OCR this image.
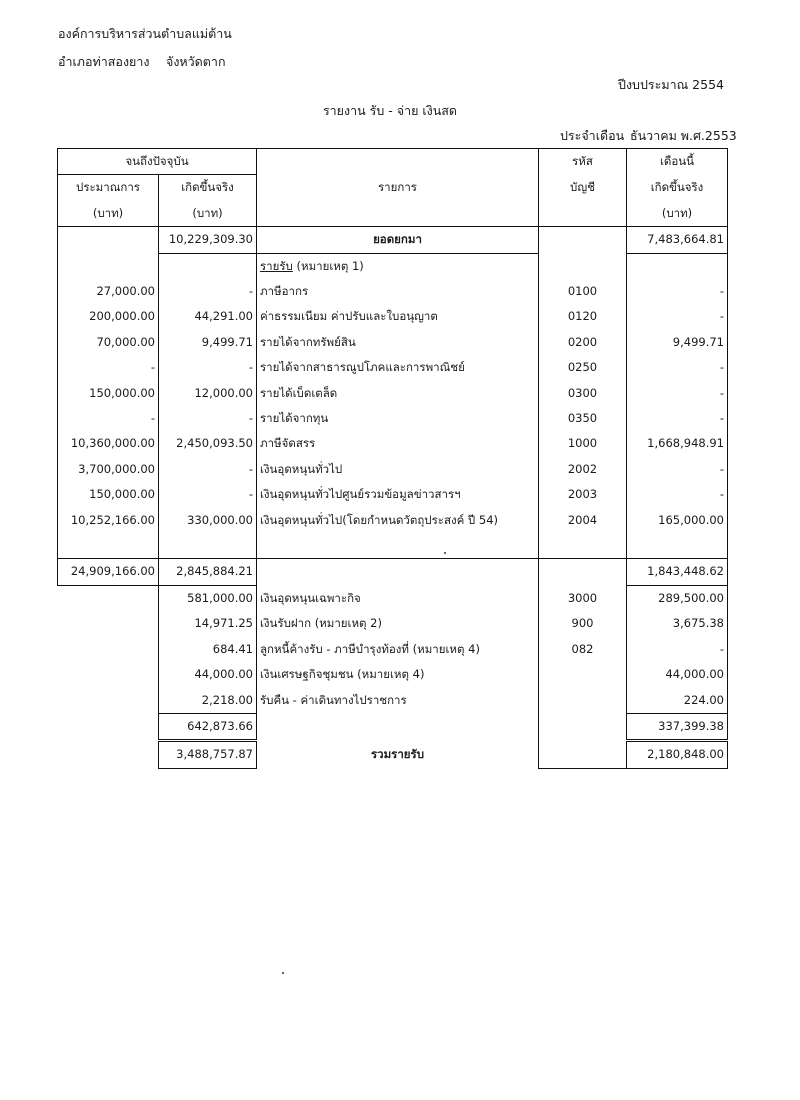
องค์การบริหารส่วนตำบลแม่ต้าน
อำเภอท่าสองยาง จังหวัดตาก
ปีงบประมาณ 2554
รายงาน รับ - จ่าย เงินสด
ประจำเดือน ธันวาคม พ.ศ.2553
จนถึงปัจจุบัน			รหัส	เดือนนี้
ประมาณการ	เกิดขึ้นจริง	รายการ	บัญชี	เกิดขึ้นจริง
(บาท)	(บาท)			(บาท)
	10,229,309.30	ยอดยกมา		7,483,664.81
		รายรับ (หมายเหตุ 1)		
27,000.00	-	ภาษีอากร	0100	-
200,000.00	44,291.00	ค่าธรรมเนียม ค่าปรับและใบอนุญาต	0120	-
70,000.00	9,499.71	รายได้จากทรัพย์สิน	0200	9,499.71
-	-	รายได้จากสาธารณูปโภคและการพาณิชย์	0250	-
150,000.00	12,000.00	รายได้เบ็ดเตล็ด	0300	-
-	-	รายได้จากทุน	0350	-
10,360,000.00	2,450,093.50	ภาษีจัดสรร	1000	1,668,948.91
3,700,000.00	-	เงินอุดหนุนทั่วไป	2002	-
150,000.00	-	เงินอุดหนุนทั่วไปศูนย์รวมข้อมูลข่าวสารฯ	2003	-
10,252,166.00	330,000.00	เงินอุดหนุนทั่วไป(โดยกำหนดวัตถุประสงค์ ปี 54)	2004	165,000.00

24,909,166.00	2,845,884.21			1,843,448.62
	581,000.00	เงินอุดหนุนเฉพาะกิจ	3000	289,500.00
	14,971.25	เงินรับฝาก (หมายเหตุ 2)	900	3,675.38
	684.41	ลูกหนี้ค้างรับ - ภาษีบำรุงท้องที่ (หมายเหตุ 4)	082	-
	44,000.00	เงินเศรษฐกิจชุมชน (หมายเหตุ 4)		44,000.00
	2,218.00	รับคืน - ค่าเดินทางไปราชการ		224.00
	642,873.66			337,399.38
	3,488,757.87	รวมรายรับ		2,180,848.00
